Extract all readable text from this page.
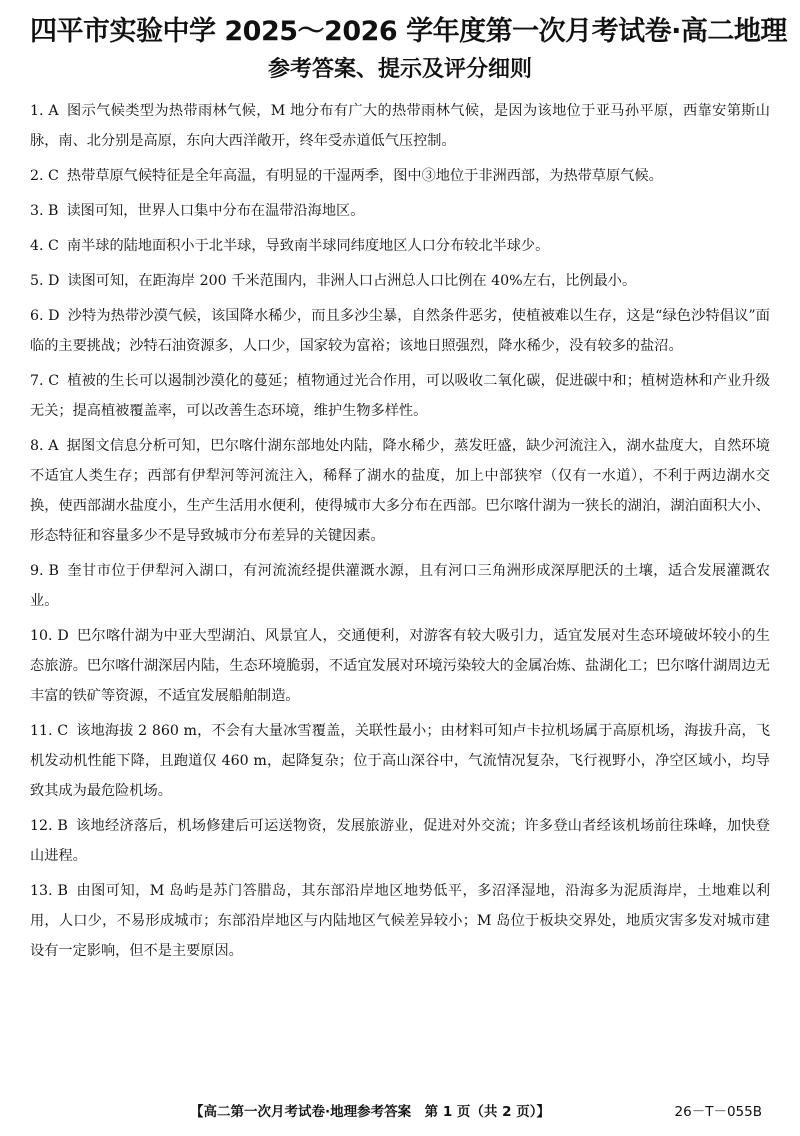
四平市实验中学 2025～2026 学年度第一次月考试卷·高二地理
参考答案、提示及评分细则
1. A 图示气候类型为热带雨林气候，M 地分布有广大的热带雨林气候，是因为该地位于亚马孙平原，西靠安第斯山脉，南、北分别是高原，东向大西洋敞开，终年受赤道低气压控制。
2. C 热带草原气候特征是全年高温，有明显的干湿两季，图中③地位于非洲西部，为热带草原气候。
3. B 读图可知，世界人口集中分布在温带沿海地区。
4. C 南半球的陆地面积小于北半球，导致南半球同纬度地区人口分布较北半球少。
5. D 读图可知，在距海岸 200 千米范围内，非洲人口占洲总人口比例在 40%左右，比例最小。
6. D 沙特为热带沙漠气候，该国降水稀少，而且多沙尘暴，自然条件恶劣，使植被难以生存，这是“绿色沙特倡议”面临的主要挑战；沙特石油资源多，人口少，国家较为富裕；该地日照强烈，降水稀少，没有较多的盐沼。
7. C 植被的生长可以遏制沙漠化的蔓延；植物通过光合作用，可以吸收二氧化碳，促进碳中和；植树造林和产业升级无关；提高植被覆盖率，可以改善生态环境，维护生物多样性。
8. A 据图文信息分析可知，巴尔喀什湖东部地处内陆，降水稀少，蒸发旺盛，缺少河流注入，湖水盐度大，自然环境不适宜人类生存；西部有伊犁河等河流注入，稀释了湖水的盐度，加上中部狭窄（仅有一水道），不利于两边湖水交换，使西部湖水盐度小，生产生活用水便利，使得城市大多分布在西部。巴尔喀什湖为一狭长的湖泊，湖泊面积大小、形态特征和容量多少不是导致城市分布差异的关键因素。
9. B 奎甘市位于伊犁河入湖口，有河流流经提供灌溉水源，且有河口三角洲形成深厚肥沃的土壤，适合发展灌溉农业。
10. D 巴尔喀什湖为中亚大型湖泊、风景宜人，交通便利，对游客有较大吸引力，适宜发展对生态环境破坏较小的生态旅游。巴尔喀什湖深居内陆，生态环境脆弱，不适宜发展对环境污染较大的金属冶炼、盐湖化工；巴尔喀什湖周边无丰富的铁矿等资源，不适宜发展船舶制造。
11. C 该地海拔 2 860 m，不会有大量冰雪覆盖，关联性最小；由材料可知卢卡拉机场属于高原机场，海拔升高，飞机发动机性能下降，且跑道仅 460 m，起降复杂；位于高山深谷中，气流情况复杂，飞行视野小，净空区域小，均导致其成为最危险机场。
12. B 该地经济落后，机场修建后可运送物资，发展旅游业，促进对外交流；许多登山者经该机场前往珠峰，加快登山进程。
13. B 由图可知，M 岛屿是苏门答腊岛，其东部沿岸地区地势低平，多沼泽湿地，沿海多为泥质海岸，土地难以利用，人口少，不易形成城市；东部沿岸地区与内陆地区气候差异较小；M 岛位于板块交界处，地质灾害多发对城市建设有一定影响，但不是主要原因。
【高二第一次月考试卷·地理参考答案　第 1 页（共 2 页）】	26－T－055B
